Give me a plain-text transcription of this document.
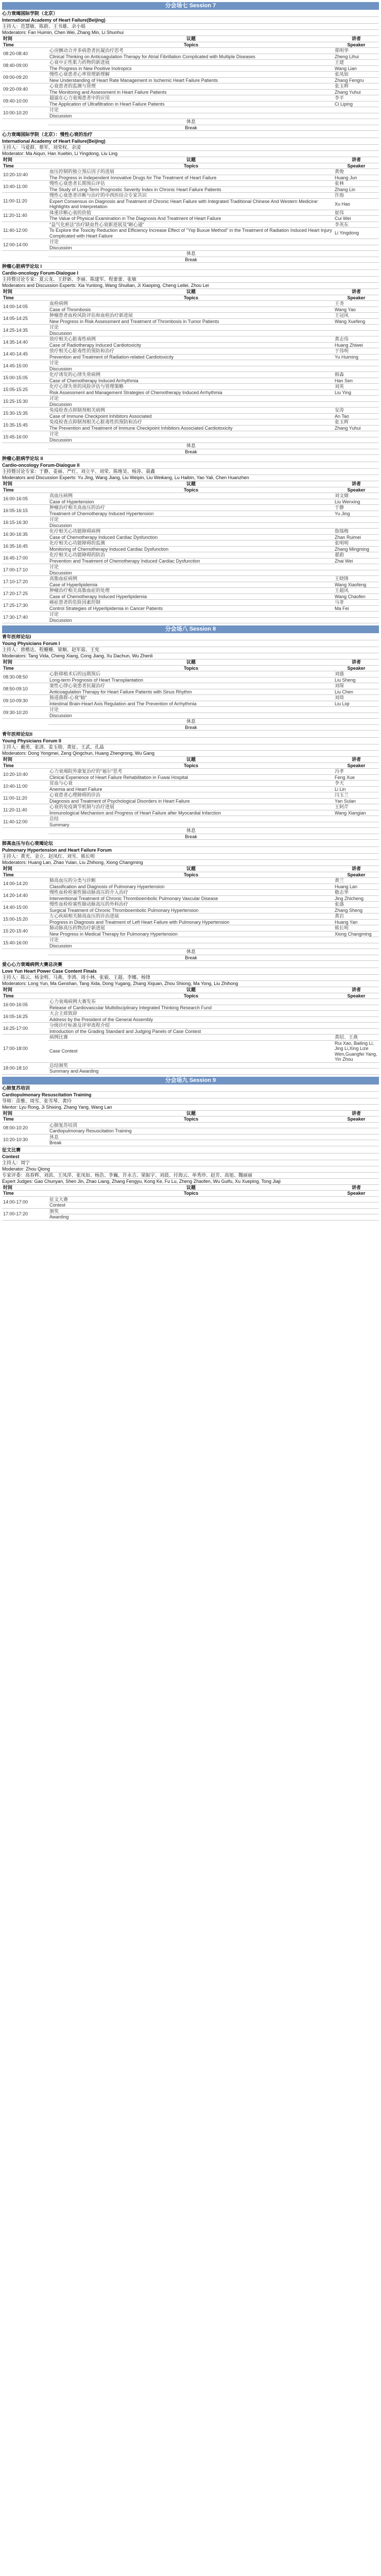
分会场七 Session 7
心力衰竭国际学院（北京）
International Academy of Heart Failure(Beijing)
主持人：范慧敏、陈蔚、王书雄、余小娟
Moderators: Fan Huimin, Chen Wei, Zhang Min, Li Shunhui
时间	议题	讲者
Time	Topics	Speaker
08:20-08:40	心房颤动合并多病患者抗凝治疗思考	郑明华
	Clinical Thinking on Anticoagulation Therapy for Atrial Fibrillation Complicated with Multiple Diseases	Zheng Lihui
08:40-09:00	心衰中正性肌力药物的新进展	王建
	The Progress in New Positive Inotropics	Wang Lian
09:00-09:20	慢性心衰患者心率管理新理解	张凤如
	New Understanding of Heart Rate Management in Ischemic Heart Failure Patients	Zhang Fengru
09:20-09:40	心衰患者的监测与管理	张玉辉
	The Monitoring and Assessment in Heart Failure Patients	Zhang Yuhui
09:40-10:00	超滤在心力衰竭患者中的应用	李平
	The Application of Ultrafiltration in Heart Failure Patients	Ci Liping
10:00-10:20	讨论	
	Discussion	
	休息	
	Break	
心力衰竭国际学院（北京）：慢性心衰的治疗
International Academy of Heart Failure(Beijing)
主持人：马爱群、蔡军、刘荣权、余凌
Moderator: Ma Aiqun, Han Xuebin, Li Yingdong, Liu Ling
时间	议题	讲者
Time	Topics	Speaker
10:20-10:40	血压控制的独立预后因子的进展	黄俊
	The Progress in Independent Innovative Drugs for The Treatment of Heart Failure	Huang Jun
10:40-11:00	慢性心衰患者长期预后评估	张林
	The Study of Long-Term Prognostic Severity Index in Chronic Heart Failure Patients	Zhang Lin
11:00-11:20	慢性心衰患者诊断与治疗的中西医结合专家共识	许海
	Expert Consensus on Diagnosis and Treatment of Chronic Heart Failure with Integrated Traditional Chinese And Western Medicine: Highlights and Interpretation	Xu Hao
11:20-11:40	体重诊断心衰的价值	崔伟
	The Value of Physical Examination in The Diagnosis And Treatment of Heart Failure	Cui Wei
11:40-12:00	"益气化瘀法"治疗缺血性心衰新进展及"颐心通"	李英东
	To Explore the Toxicity Reduction and Efficiency Increase Effect of "Yiqi Buxue Method" in the Treatment of Radiation Induced Heart Injury Complicated with Heart Failure	Li Yingdong
12:00-14:00	讨论	
	Discussion	
	休息	
	Break	
肿瘤心脏病学论坛 I
Cardio-oncology Forum-Dialogue I
主持暨讨论专家：夏云龙、王舒新、李丽、陈建军、程蕾蕾、张敏
Moderators and Discussion Experts: Xia Yunlong, Wang Shuilian, Ji Xiaoping, Cheng Leilei, Zhou Lei
时间	议题	讲者
Time	Topics	Speaker
14:00-14:05	血栓病例	王尧
	Case of Thrombosis	Wang Yao
14:05-14:25	肿瘤患者血栓风险评估和血栓治疗新进展	王冠风
	New Progress in Risk Assessment and Treatment of Thrombosis in Tumor Patients	Wang Xuefeng
14:25-14:35	讨论	
	Discussion	
14:35-14:40	放疗相关心脏毒性病例	黄志伟
	Case of Radiotherapy Induced Cardiotoxicity	Huang Zhiwei
14:40-14:45	放疗相关心脏毒性的预防和治疗	于伟明
	Prevention and Treatment of Radiation-related Cardiotoxicity	Yu Huiming
14:45-15:00	讨论	
	Discussion	
15:00-15:05	化疗诱发的心律失常病例	韩森
	Case of Chemotherapy Induced Arrhythmia	Han Sen
15:05-15:25	化疗心律失常的风险评估与管理策略	刘英
	Risk Assessment and Management Strategies of Chemotherapy Induced Arrhythmia	Liu Ying
15:25-15:30	讨论	
	Discussion	
15:30-15:35	免疫检查点抑制剂相关病例	安涛
	Case of Immune Checkpoint Inhibitors Associated	An Tao
15:35-15:45	免疫检查点抑制剂相关心脏毒性的预防和治疗	张玉辉
	The Prevention and Treatment of Immune Checkpoint Inhibitors Associated Cardiotoxicity	Zhang Yuhui
15:45-16:00	讨论	
	Discussion	
	休息	
	Break	
肿瘤心脏病学论坛 II
Cardio-oncology Forum-Dialogue II
主持暨讨论专家：于静、姜丽、严红、刘立平、刘荣、陈维昊、杨涛、聂鑫
Moderators and Discussion Experts: Yu Jing, Wang Jiang, Liu Weipin, Liu Weikang, Lu Haibin, Yao Yali, Chen Huanzhen
时间	议题	讲者
Time	Topics	Speaker
16:00-16:05	高血压病例	刘文婧
	Case of Hypertension	Liu Wenxing
16:05-16:15	肿瘤治疗相关高血压的治疗	于静
	Treatment of Chemotherapy Induced Hypertension	Yu Jing
16:15-16:30	讨论	
	Discussion	
16:30-16:35	化疗相关心功能障碍病例	詹瑞梅
	Case of Chemotherapy Induced Cardiac Dysfunction	Zhan Ruimei
16:35-16:45	化疗相关心功能障碍的监测	张明明
	Monitoring of Chemotherapy Induced Cardiac Dysfunction	Zhang Mingming
16:45-17:00	化疗相关心功能障碍的防治	翟蔚
	Prevention and Treatment of Chemotherapy Induced Cardiac Dysfunction	Zhai Wei
17:00-17:10	讨论	
	Discussion	
17:10-17:20	高脂血症病例	王晓锋
	Case of Hyperlipidemia	Wang Xiaofeng
17:20-17:25	肿瘤治疗相关高脂血症的处理	王超风
	Case of Chemotherapy Induced Hyperlipidemia	Wang Chaofen
17:25-17:30	癌症患者的危险因素控制	马菲
	Control Strategies of Hyperlipidemia in Cancer Patients	Ma Fei
17:30-17:40	讨论	
	Discussion	
分会场八 Session 8
青年医师论坛I
Young Physicians Forum I
主持人：唐楷达、程姗姗、梁顺、赵军茹、王宪
Moderators: Tang Vida, Cheng Xiang, Cong Jiang, Xu Dachun, Wu Zhenli
时间	议题	讲者
Time	Topics	Speaker
08:30-08:50	心脏移植术后的远期预后	刘盛
	Long-term Prognosis of Heart Transplantation	Liu Sheng
08:50-09:10	窦性心律心衰患者抗凝治疗	刘琛
	Anticoagulation Therapy for Heart Failure Patients with Sinus Rhythm	Liu Chen
09:10-09:30	肠道菌群-心衰"轴"	刘琦
	Intestinal Brain-Heart Axis Regulation and The Prevention of Arrhythmia	Liu Liqi
09:30-10:20	讨论	
	Discussion	
	休息	
	Break	
青年医师论坛II
Young Physicians Forum II
主持人：戴勇、张清、姜玉勋、黄征、王武、孔晶
Moderators: Dong Yongmei, Zeng Qingchun, Huang Zhengrong, Wu Gang
时间	议题	讲者
Time	Topics	Speaker
10:20-10:40	心力衰竭院外康复治疗的"福尔"思考	冯孝
	Clinical Experience of Heart Failure Rehabilitation in Fuwai Hospital	Feng Xue
10:40-11:00	贫血与心衰	李天
	Anemia and Heart Failure	Li Lin
11:00-11:20	心衰患者心理障碍的诊治	闫玉兰
	Diagnosis and Treatment of Psychological Disorders in Heart Failure	Yan Sulan
11:20-11:40	心衰的免疫调节机制与治疗进展	王阿芹
	Immunological Mechanism and Progress of Heart Failure after Myocardial Infarction	Wang Xiangian
11:40-12:00	总结	
	Summary	
	休息	
	Break	
肺高血压与右心衰竭论坛
Pulmonary Hypertension and Heart Failure Forum
主持人：黄光、金立、赵凤红、刘雪、熊长明
Moderators: Huang Lan, Zhao Yulan, Liu Zhihong, Xiong Changming
时间	议题	讲者
Time	Topics	Speaker
14:00-14:20	肺高血压的分类与诊断	黄兰
	Classification and Diagnosis of Pulmonary Hypertension	Huang Lan
14:20-14:40	慢性血栓栓塞性肺动脉高压的介入治疗	敬志华
	Interventional Treatment of Chronic Thromboembolic Pulmonary Vascular Disease	Jing Zhicheng
14:40-15:00	慢性血栓栓塞性肺动脉高压的外科治疗	张盛
	Surgical Treatment of Chronic Thromboembolic Pulmonary Hypertension	Zhang Sheng
15:00-15:20	左心疾病相关肺高血压的诊治进展	黄岩
	Progress in Diagnosis and Treatment of Left Heart Failure with Pulmonary Hypertension	Huang Yan
15:20-15:40	肺动脉高压药物治疗新进展	熊长明
	New Progress in Medical Therapy for Pulmonary Hypertension	Xiong Changming
15:40-16:00	讨论	
	Discussion	
	休息	
	Break	
爱心心力衰竭病例大赛总决赛
Love Yun Heart Power Case Content Finals
主持人：陈云、杨金明、马燕、李鸿、周小林、张毅、王超、李娜、杨锋
Moderators: Long Yun, Ma Genshan, Tang Xida, Dong Yugang, Zhang Xiquan, Zhou Shiong, Ma Yong, Liu Zhihong
时间	议题	讲者
Time	Topics	Speaker
16:00-16:05	心力衰竭病例大赛发布	
	Release of Cardiovascular Multidisciplinary Integrated Thinking Research Fund	
16:05-16:25	大会主席致辞	
	Address by the President of the General Assembly	
16:25-17:00	分级诊疗标准及评审流程介绍	
	Introduction of the Grading Standard and Judging Panels of Case Contest	
17:00-18:00	病例比赛	黄绍、王燕
	Case Contest	Rui Xao, Bailing Li, Jing Li,Xing Lize Wen,Guangfei Yang, Yin Zhou
18:00-18:10	总结颁奖	
	Summary and Awarding	
分会场九 Session 9
心肺复苏培训
Cardiopulmonary Resuscitation Training
导师：苗雅、周雪、张雪琴、黄玲
Mentor: Lyu Rong, Ji Shixing, Zhang Yang, Wang Lan
时间	议题	讲者
Time	Topics	Speaker
08:00-10:20	心肺复苏培训	
	Cardiopulmonary Resuscitation Training	
10:20-10:30	休息	
	Break	
征文比赛
Contest
主持人：周宁
Moderator: Zhou Qiong
专家评委：高春辉、刘滨、王凤萍、张凤如、杨浩、李巍、许永吉、梁振宇、刘晨、付海云、单秀珍、赵芳、高旭、魏丽丽
Expert Judges: Gao Chunyan, Shen Jin, Zhao Liang, Zhang Fengyu, Kong Ke, Fu Lu, Zheng Zhaofen, Wu Guifu, Xu Xueping, Tong Jiaji
时间	议题	讲者
Time	Topics	Speaker
14:00-17:00	征文大赛	
	Contest	
17:00-17:20	颁奖	
	Awarding	
